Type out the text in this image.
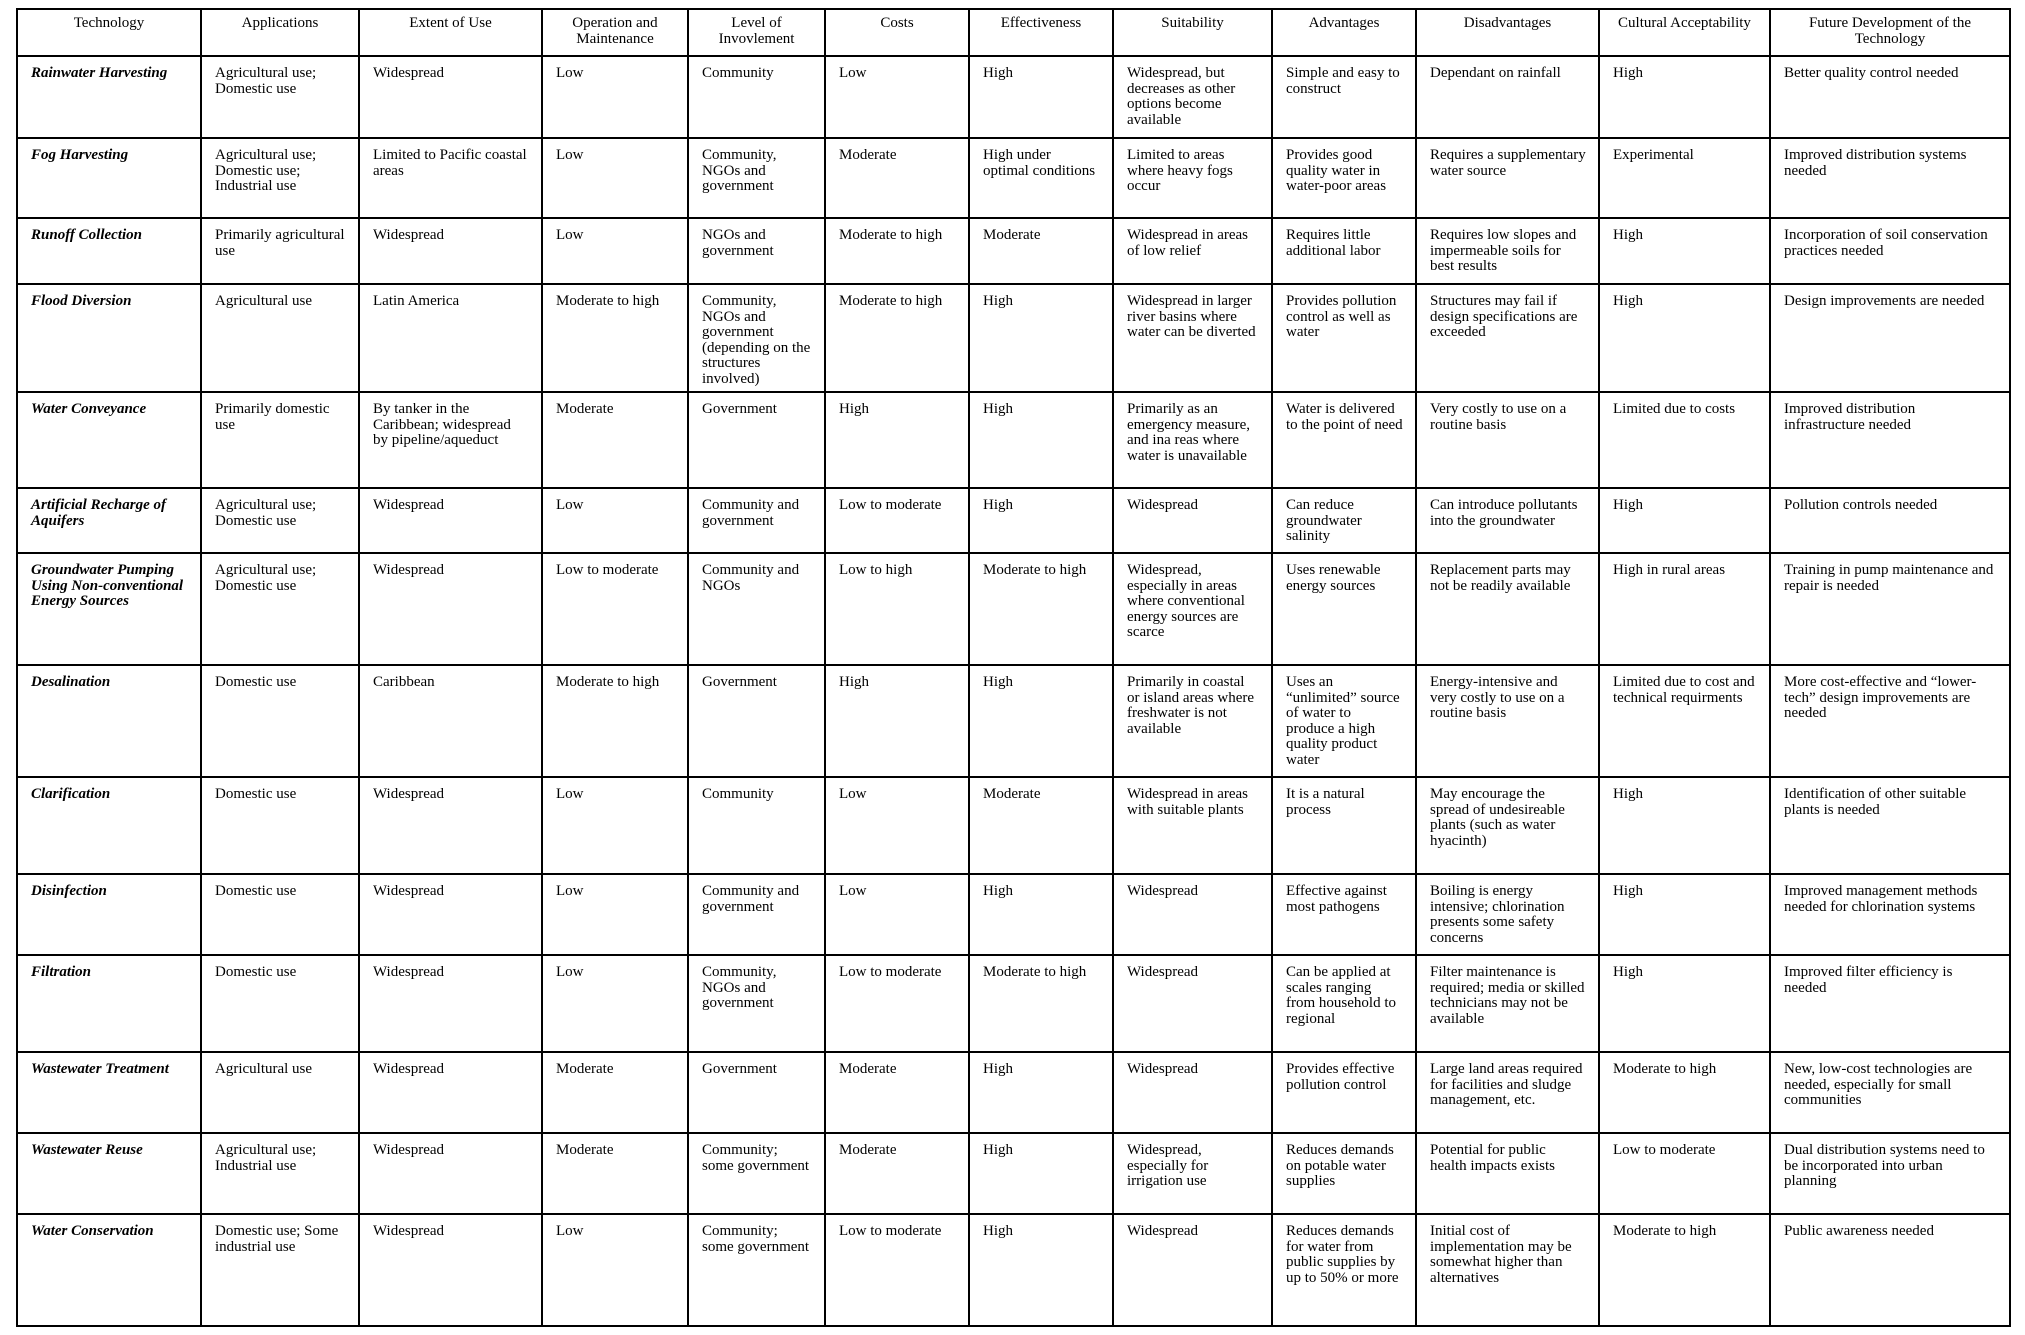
Technology	Applications	Extent of Use	Operation and Maintenance	Level of Invovlement	Costs	Effectiveness	Suitability	Advantages	Disadvantages	Cultural Acceptability	Future Development of the Technology
Rainwater Harvesting	Agricultural use; Domestic use	Widespread	Low	Community	Low	High	Widespread, but decreases as other options become available	Simple and easy to construct	Dependant on rainfall	High	Better quality control needed
Fog Harvesting	Agricultural use; Domestic use; Industrial use	Limited to Pacific coastal areas	Low	Community, NGOs and government	Moderate	High under optimal conditions	Limited to areas where heavy fogs occur	Provides good quality water in water-poor areas	Requires a supplementary water source	Experimental	Improved distribution systems needed
Runoff Collection	Primarily agricultural use	Widespread	Low	NGOs and government	Moderate to high	Moderate	Widespread in areas of low relief	Requires little additional labor	Requires low slopes and impermeable soils for best results	High	Incorporation of soil conservation practices needed
Flood Diversion	Agricultural use	Latin America	Moderate to high	Community, NGOs and government (depending on the structures involved)	Moderate to high	High	Widespread in larger river basins where water can be diverted	Provides pollution control as well as water	Structures may fail if design specifications are exceeded	High	Design improvements are needed
Water Conveyance	Primarily domestic use	By tanker in the Caribbean; widespread by pipeline/aqueduct	Moderate	Government	High	High	Primarily as an emergency measure, and ina reas where water is unavailable	Water is delivered to the point of need	Very costly to use on a routine basis	Limited due to costs	Improved distribution infrastructure needed
Artificial Recharge of Aquifers	Agricultural use; Domestic use	Widespread	Low	Community and government	Low to moderate	High	Widespread	Can reduce groundwater salinity	Can introduce pollutants into the groundwater	High	Pollution controls needed
Groundwater Pumping Using Non-conventional Energy Sources	Agricultural use; Domestic use	Widespread	Low to moderate	Community and NGOs	Low to high	Moderate to high	Widespread, especially in areas where conventional energy sources are scarce	Uses renewable energy sources	Replacement parts may not be readily available	High in rural areas	Training in pump maintenance and repair is needed
Desalination	Domestic use	Caribbean	Moderate to high	Government	High	High	Primarily in coastal or island areas where freshwater is not available	Uses an “unlimited” source of water to produce a high quality product water	Energy-intensive and very costly to use on a routine basis	Limited due to cost and technical requirments	More cost-effective and “lower-tech” design improvements are needed
Clarification	Domestic use	Widespread	Low	Community	Low	Moderate	Widespread in areas with suitable plants	It is a natural process	May encourage the spread of undesireable plants (such as water hyacinth)	High	Identification of other suitable plants is needed
Disinfection	Domestic use	Widespread	Low	Community and government	Low	High	Widespread	Effective against most pathogens	Boiling is energy intensive; chlorination presents some safety concerns	High	Improved management methods needed for chlorination systems
Filtration	Domestic use	Widespread	Low	Community, NGOs and government	Low to moderate	Moderate to high	Widespread	Can be applied at scales ranging from household to regional	Filter maintenance is required; media or skilled technicians may not be available	High	Improved filter efficiency is needed
Wastewater Treatment	Agricultural use	Widespread	Moderate	Government	Moderate	High	Widespread	Provides effective pollution control	Large land areas required for facilities and sludge management, etc.	Moderate to high	New, low-cost technologies are needed, especially for small communities
Wastewater Reuse	Agricultural use; Industrial use	Widespread	Moderate	Community; some government	Moderate	High	Widespread, especially for irrigation use	Reduces demands on potable water supplies	Potential for public health impacts exists	Low to moderate	Dual distribution systems need to be incorporated into urban planning
Water Conservation	Domestic use; Some industrial use	Widespread	Low	Community; some government	Low to moderate	High	Widespread	Reduces demands for water from public supplies by up to 50% or more	Initial cost of implementation may be somewhat higher than alternatives	Moderate to high	Public awareness needed
